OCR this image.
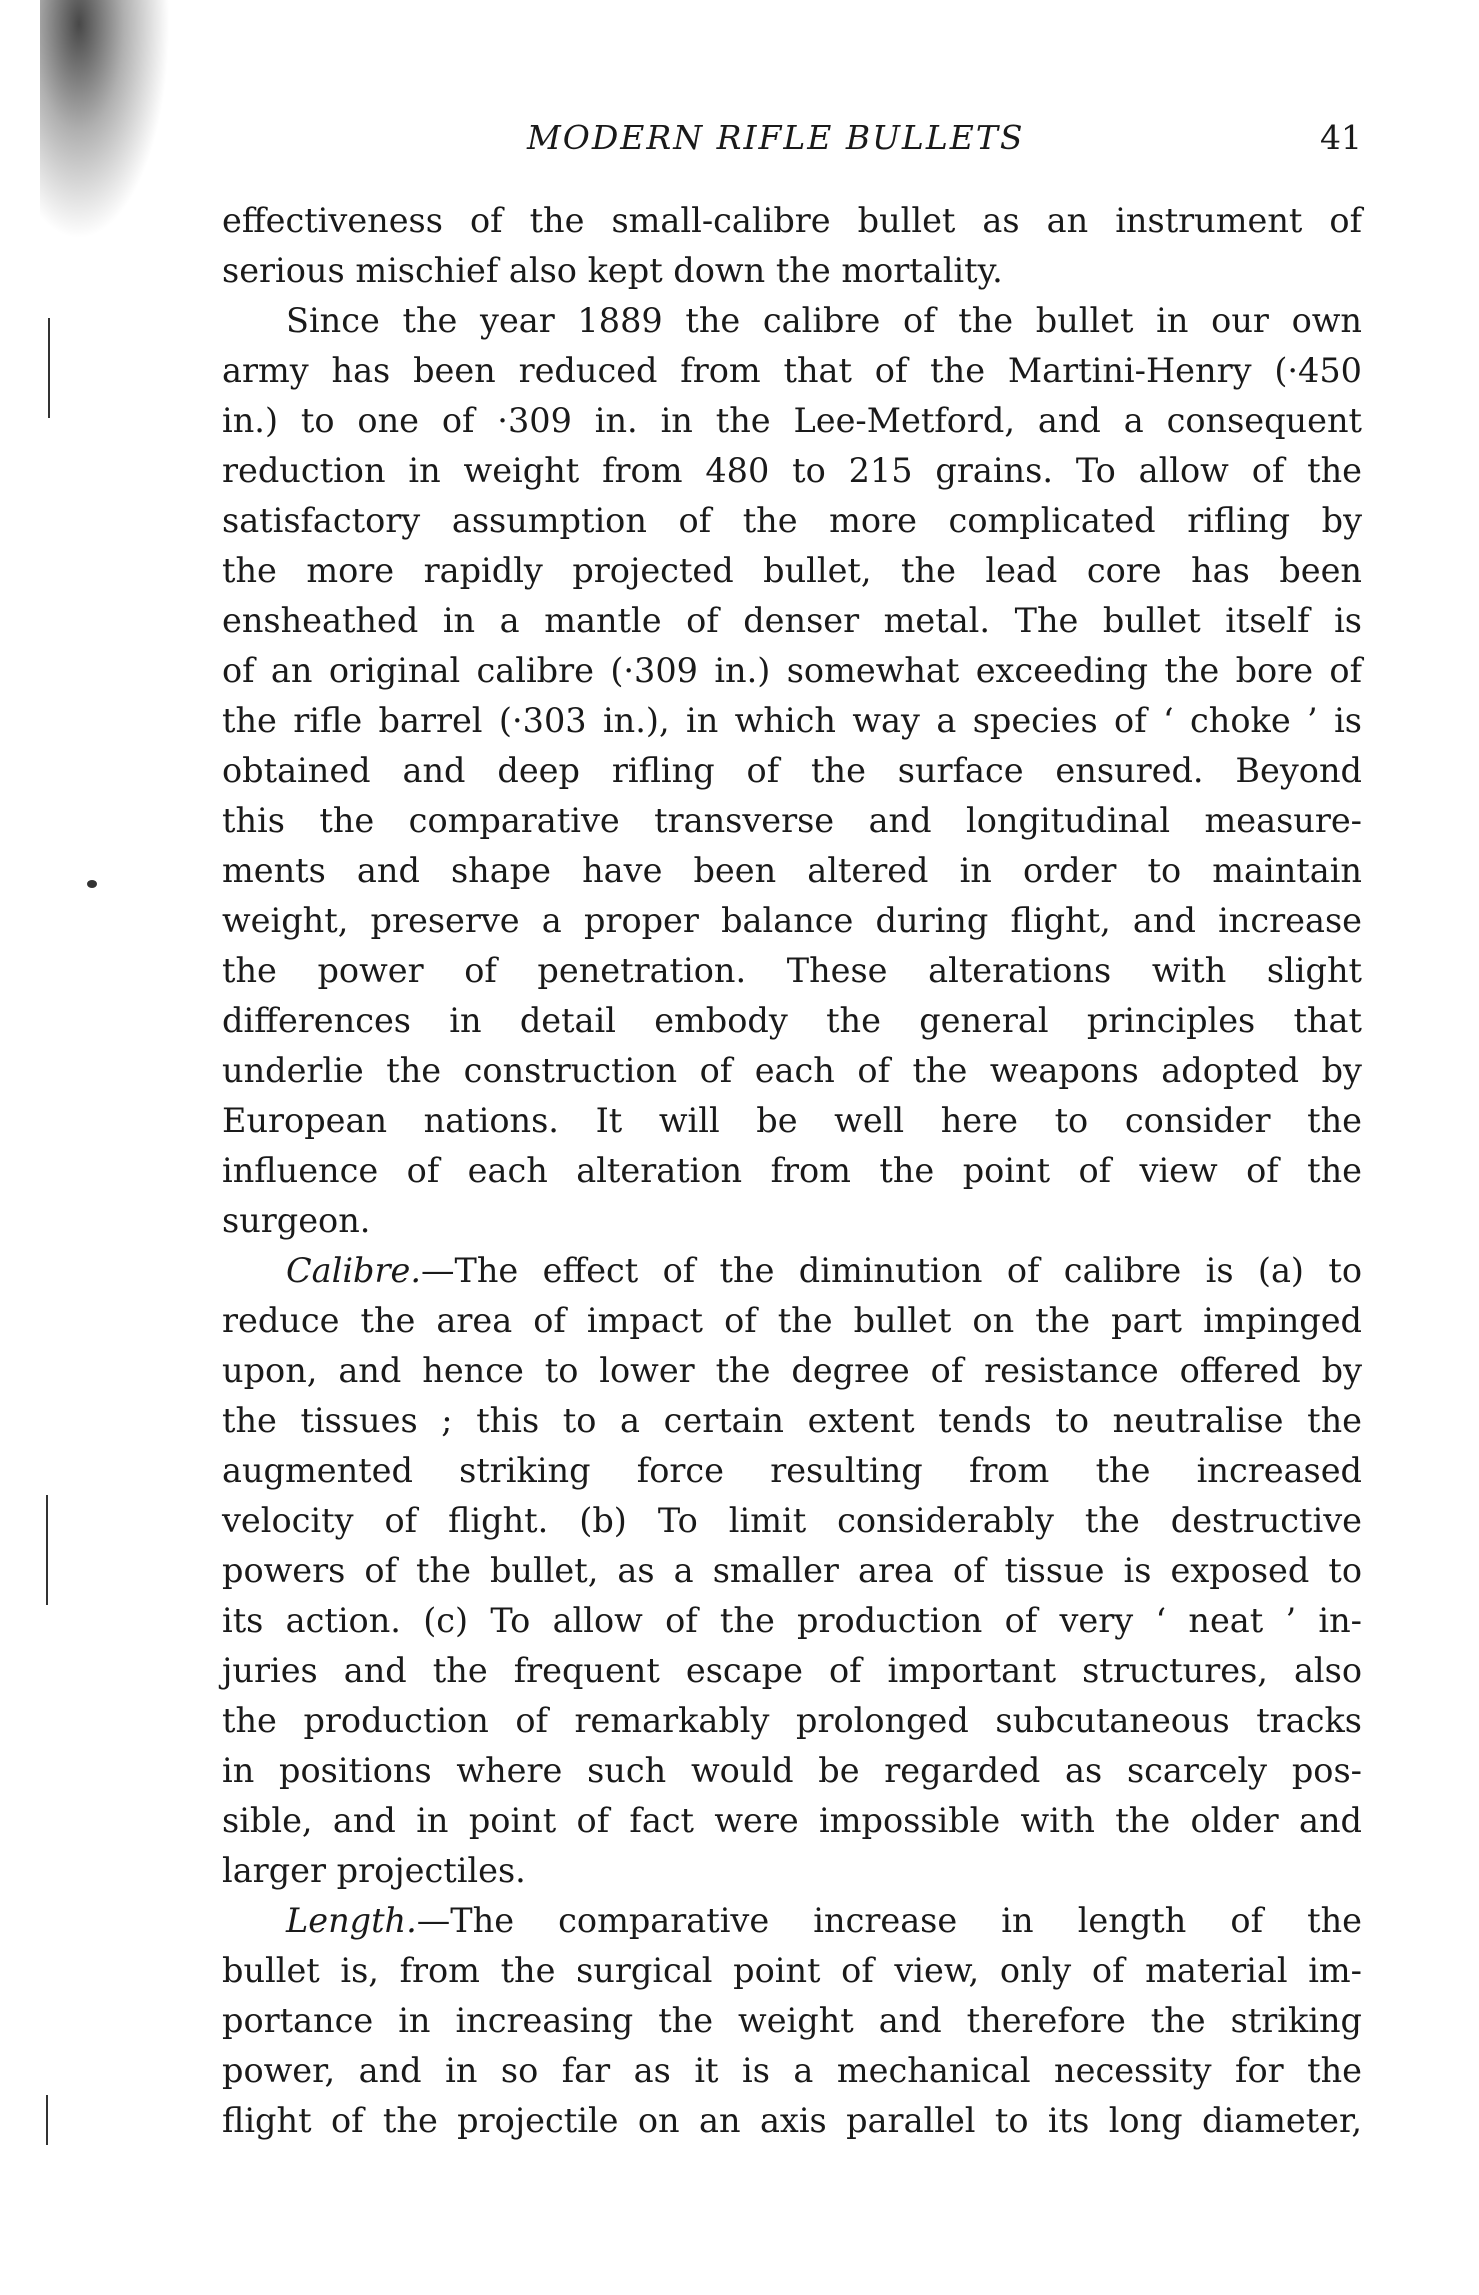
MODERN RIFLE BULLETS	41
effectiveness of the small-calibre bullet as an instrument of
serious mischief also kept down the mortality.
Since the year 1889 the calibre of the bullet in our own
army has been reduced from that of the Martini-Henry (·450
in.) to one of ·309 in. in the Lee-Metford, and a consequent
reduction in weight from 480 to 215 grains. To allow of the
satisfactory assumption of the more complicated rifling by
the more rapidly projected bullet, the lead core has been
ensheathed in a mantle of denser metal. The bullet itself is
of an original calibre (·309 in.) somewhat exceeding the bore of
the rifle barrel (·303 in.), in which way a species of ‘ choke ’ is
obtained and deep rifling of the surface ensured. Beyond
this the comparative transverse and longitudinal measure-
ments and shape have been altered in order to maintain
weight, preserve a proper balance during flight, and increase
the power of penetration. These alterations with slight
differences in detail embody the general principles that
underlie the construction of each of the weapons adopted by
European nations. It will be well here to consider the
influence of each alteration from the point of view of the
surgeon.
Calibre.—The effect of the diminution of calibre is (a) to
reduce the area of impact of the bullet on the part impinged
upon, and hence to lower the degree of resistance offered by
the tissues ; this to a certain extent tends to neutralise the
augmented striking force resulting from the increased
velocity of flight. (b) To limit considerably the destructive
powers of the bullet, as a smaller area of tissue is exposed to
its action. (c) To allow of the production of very ‘ neat ’ in-
juries and the frequent escape of important structures, also
the production of remarkably prolonged subcutaneous tracks
in positions where such would be regarded as scarcely pos-
sible, and in point of fact were impossible with the older and
larger projectiles.
Length.—The comparative increase in length of the
bullet is, from the surgical point of view, only of material im-
portance in increasing the weight and therefore the striking
power, and in so far as it is a mechanical necessity for the
flight of the projectile on an axis parallel to its long diameter,
